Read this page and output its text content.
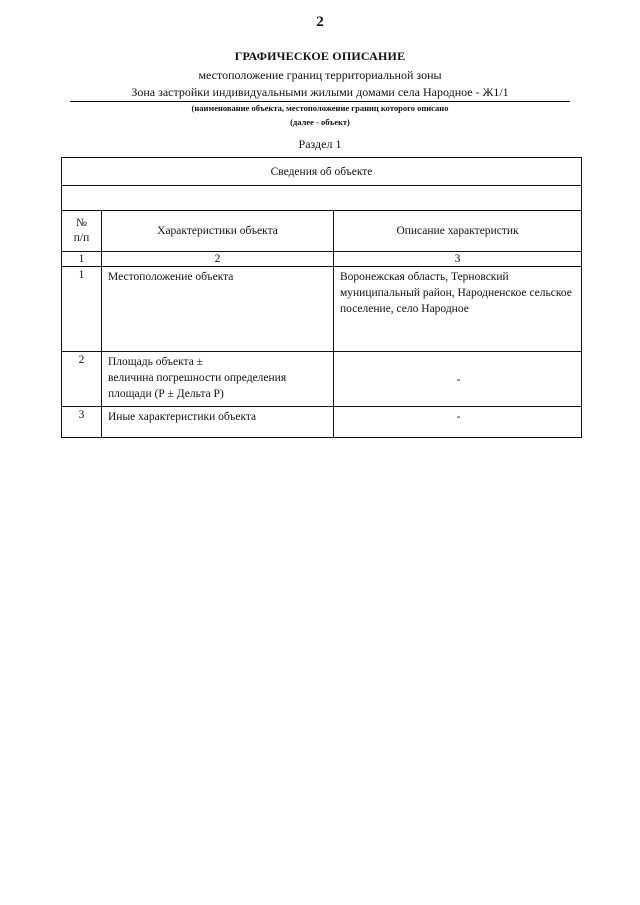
2
ГРАФИЧЕСКОЕ ОПИСАНИЕ
местоположение границ территориальной зоны
Зона застройки индивидуальными жилыми домами села Народное - Ж1/1
(наименование объекта, местоположение границ которого описано
(далее - объект)
Раздел 1
Сведения об объекте		

№
п/п	Характеристики объекта	Описание характеристик
1	2	3
1	Местоположение объекта	Воронежская область, Терновский муниципальный район, Народненское сельское поселение, село Народное
2	Площадь объекта ±
величина погрешности определения площади (Р ± Дельта Р)	-
3	Иные характеристики объекта	-
